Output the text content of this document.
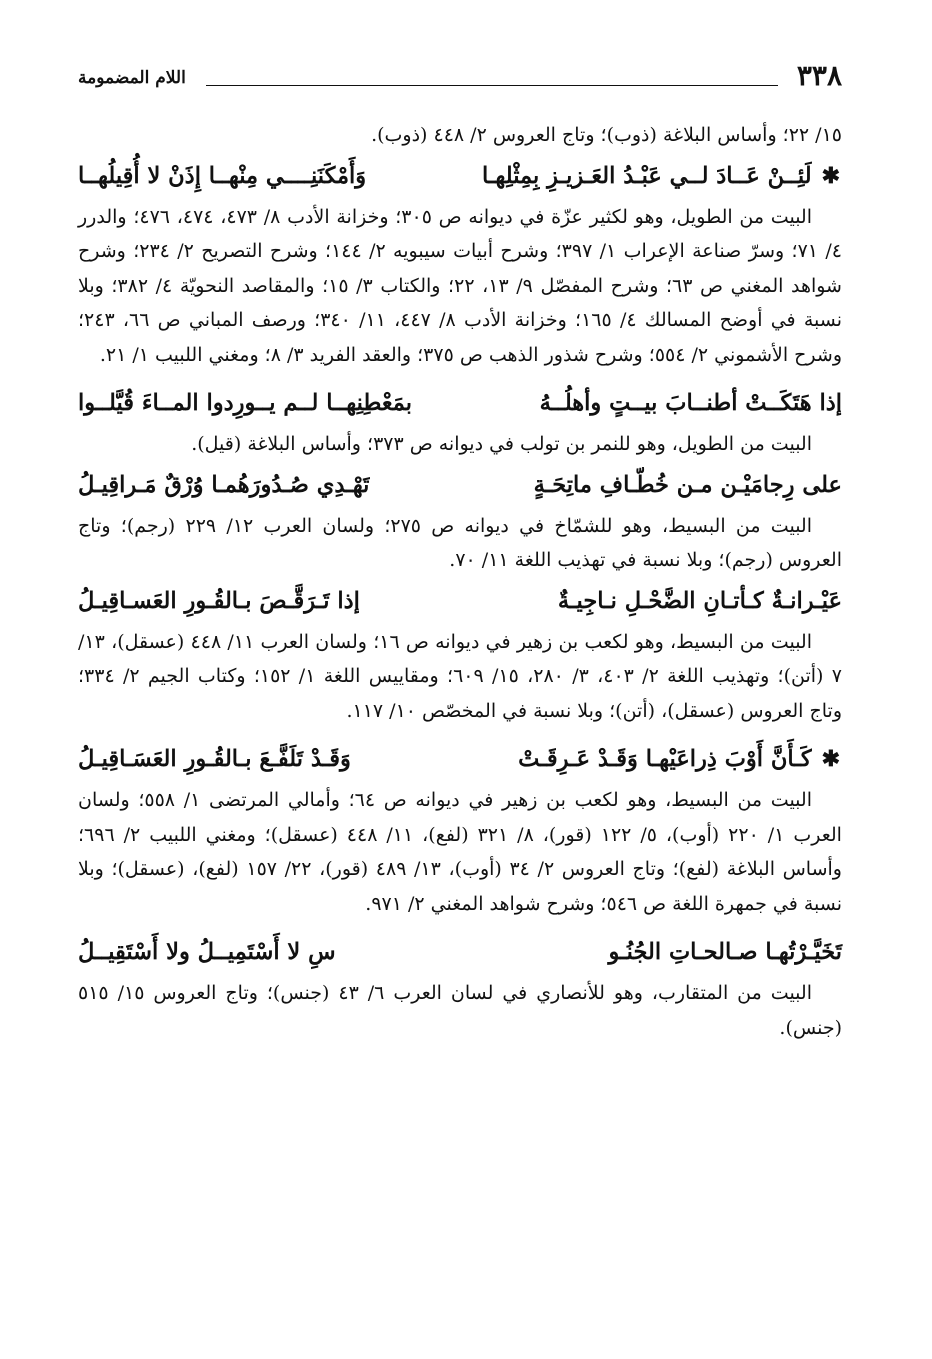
٣٣٨
اللام المضمومة

١٥/ ٢٢؛ وأساس البلاغة (ذوب)؛ وتاج العروس ٢/ ٤٤٨ (ذوب).

✱
لَئِــنْ عَــادَ لــي عَبْـدُ العَـزيـزِ بِمِثْلِهـا
وَأَمْكَنَنِــــي مِنْهــا إِذَنْ لا أُقِيلُهــا

البيت من الطويل، وهو لكثير عزّة في ديوانه ص ٣٠٥؛ وخزانة الأدب ٨/ ٤٧٣، ٤٧٤، ٤٧٦؛ والدرر ٤/ ٧١؛ وسرّ صناعة الإعراب ١/ ٣٩٧؛ وشرح أبيات سيبويه ٢/ ١٤٤؛ وشرح التصريح ٢/ ٢٣٤؛ وشرح شواهد المغني ص ٦٣؛ وشرح المفصّل ٩/ ١٣، ٢٢؛ والكتاب ٣/ ١٥؛ والمقاصد النحويّة ٤/ ٣٨٢؛ وبلا نسبة في أوضح المسالك ٤/ ١٦٥؛ وخزانة الأدب ٨/ ٤٤٧، ١١/ ٣٤٠؛ ورصف المباني ص ٦٦، ٢٤٣؛ وشرح الأشموني ٢/ ٥٥٤؛ وشرح شذور الذهب ص ٣٧٥؛ والعقد الفريد ٣/ ٨؛ ومغني اللبيب ١/ ٢١.

إذا هَتَكَــتْ أطنــابَ بيــتٍ وأهلُــهُ
بمَعْطِنِهــا لــم يــورِدوا المــاءَ قُيَّلــوا

البيت من الطويل، وهو للنمر بن تولب في ديوانه ص ٣٧٣؛ وأساس البلاغة (قيل).

على رِجامَيْـن مـن خُطّـافِ ماتِحَـةٍ
تَهْـدِي صُـدُورَهُمـا وُرْقٌ مَـراقِيـلُ

البيت من البسيط، وهو للشمّاخ في ديوانه ص ٢٧٥؛ ولسان العرب ١٢/ ٢٢٩ (رجم)؛ وتاج العروس (رجم)؛ وبلا نسبة في تهذيب اللغة ١١/ ٧٠.

عَيْـرانـةٌ كـأتـانِ الضَّحْـلِ نـاجِيـةٌ
إذا تَـرَقَّـصَ بـالقُـورِ العَسـاقِيـلُ

البيت من البسيط، وهو لكعب بن زهير في ديوانه ص ١٦؛ ولسان العرب ١١/ ٤٤٨ (عسقل)، ١٣/ ٧ (أتن)؛ وتهذيب اللغة ٢/ ٤٠٣، ٣/ ٢٨٠، ١٥/ ٦٠٩؛ ومقاييس اللغة ١/ ١٥٢؛ وكتاب الجيم ٢/ ٣٣٤؛ وتاج العروس (عسقل)، (أتن)؛ وبلا نسبة في المخصّص ١٠/ ١١٧.

✱
كَـأَنَّ أَوْبَ ذِراعَيْهـا وَقَـدْ عَـرِقَـتْ
وَقَـدْ تَلَفَّـعَ بـالقُـورِ العَسَـاقِيـلُ

البيت من البسيط، وهو لكعب بن زهير في ديوانه ص ٦٤؛ وأمالي المرتضى ١/ ٥٥٨؛ ولسان العرب ١/ ٢٢٠ (أوب)، ٥/ ١٢٢ (قور)، ٨/ ٣٢١ (لفع)، ١١/ ٤٤٨ (عسقل)؛ ومغني اللبيب ٢/ ٦٩٦؛ وأساس البلاغة (لفع)؛ وتاج العروس ٢/ ٣٤ (أوب)، ١٣/ ٤٨٩ (قور)، ٢٢/ ١٥٧ (لفع)، (عسقل)؛ وبلا نسبة في جمهرة اللغة ص ٥٤٦؛ وشرح شواهد المغني ٢/ ٩٧١.

تَخَيَّـرْتُهـا صـالحـاتِ الجُنُـو
سِ لا أَسْتَمِيــلُ ولا أَسْتَقِيــلُ

البيت من المتقارب، وهو للأنصاري في لسان العرب ٦/ ٤٣ (جنس)؛ وتاج العروس ١٥/ ٥١٥ (جنس).
